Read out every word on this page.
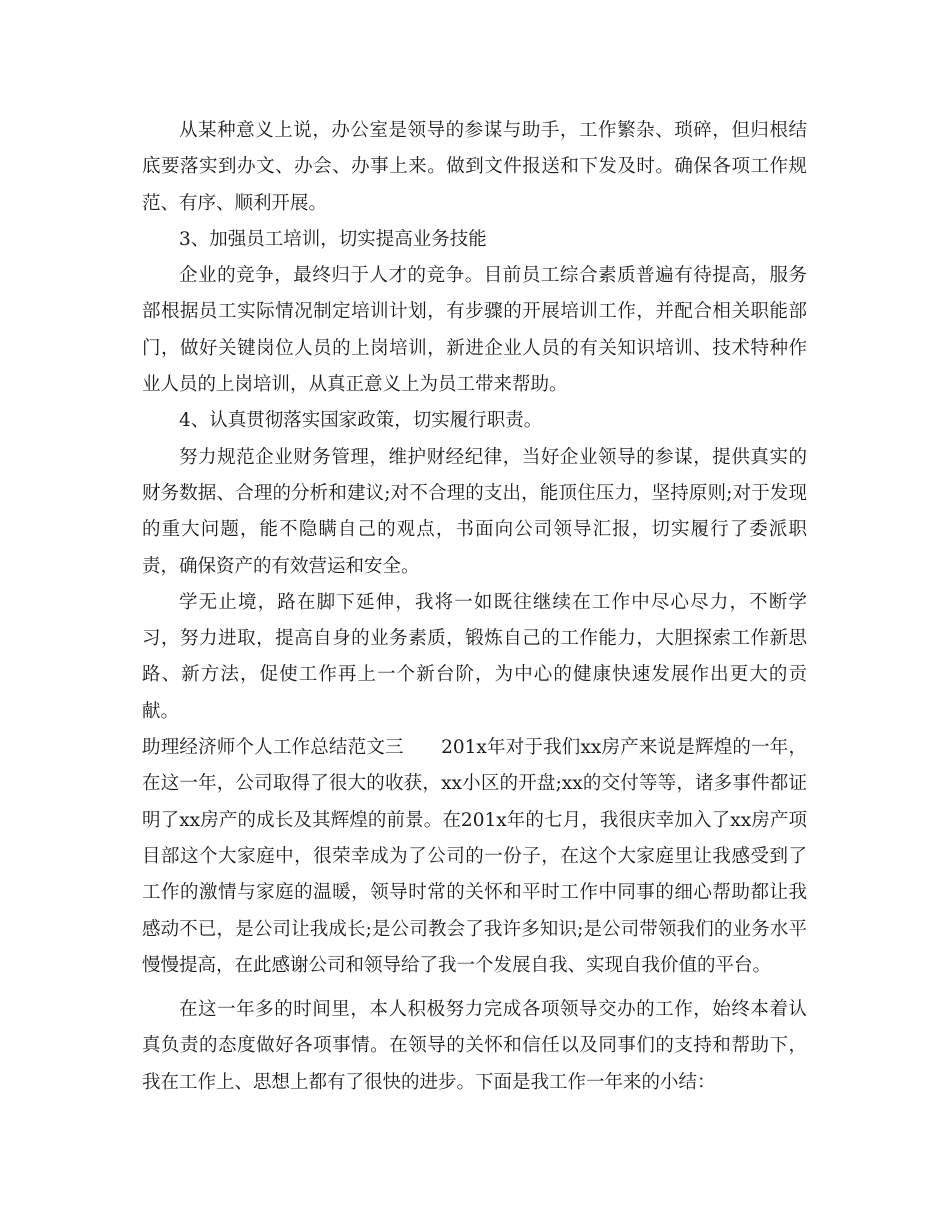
从某种意义上说，办公室是领导的参谋与助手，工作繁杂、琐碎，但归根结底要落实到办文、办会、办事上来。做到文件报送和下发及时。确保各项工作规范、有序、顺利开展。

3、加强员工培训，切实提高业务技能

企业的竞争，最终归于人才的竞争。目前员工综合素质普遍有待提高，服务部根据员工实际情况制定培训计划，有步骤的开展培训工作，并配合相关职能部门，做好关键岗位人员的上岗培训，新进企业人员的有关知识培训、技术特种作业人员的上岗培训，从真正意义上为员工带来帮助。

4、认真贯彻落实国家政策，切实履行职责。

努力规范企业财务管理，维护财经纪律，当好企业领导的参谋，提供真实的财务数据、合理的分析和建议;对不合理的支出，能顶住压力，坚持原则;对于发现的重大问题，能不隐瞒自己的观点，书面向公司领导汇报，切实履行了委派职责，确保资产的有效营运和安全。

学无止境，路在脚下延伸，我将一如既往继续在工作中尽心尽力，不断学习，努力进取，提高自身的业务素质，锻炼自己的工作能力，大胆探索工作新思路、新方法，促使工作再上一个新台阶，为中心的健康快速发展作出更大的贡献。

助理经济师个人工作总结范文三　　201x年对于我们xx房产来说是辉煌的一年，在这一年，公司取得了很大的收获，xx小区的开盘;xx的交付等等，诸多事件都证明了xx房产的成长及其辉煌的前景。在201x年的七月，我很庆幸加入了xx房产项目部这个大家庭中，很荣幸成为了公司的一份子，在这个大家庭里让我感受到了工作的激情与家庭的温暖，领导时常的关怀和平时工作中同事的细心帮助都让我感动不已，是公司让我成长;是公司教会了我许多知识;是公司带领我们的业务水平慢慢提高，在此感谢公司和领导给了我一个发展自我、实现自我价值的平台。

在这一年多的时间里，本人积极努力完成各项领导交办的工作，始终本着认真负责的态度做好各项事情。在领导的关怀和信任以及同事们的支持和帮助下，我在工作上、思想上都有了很快的进步。下面是我工作一年来的小结：
